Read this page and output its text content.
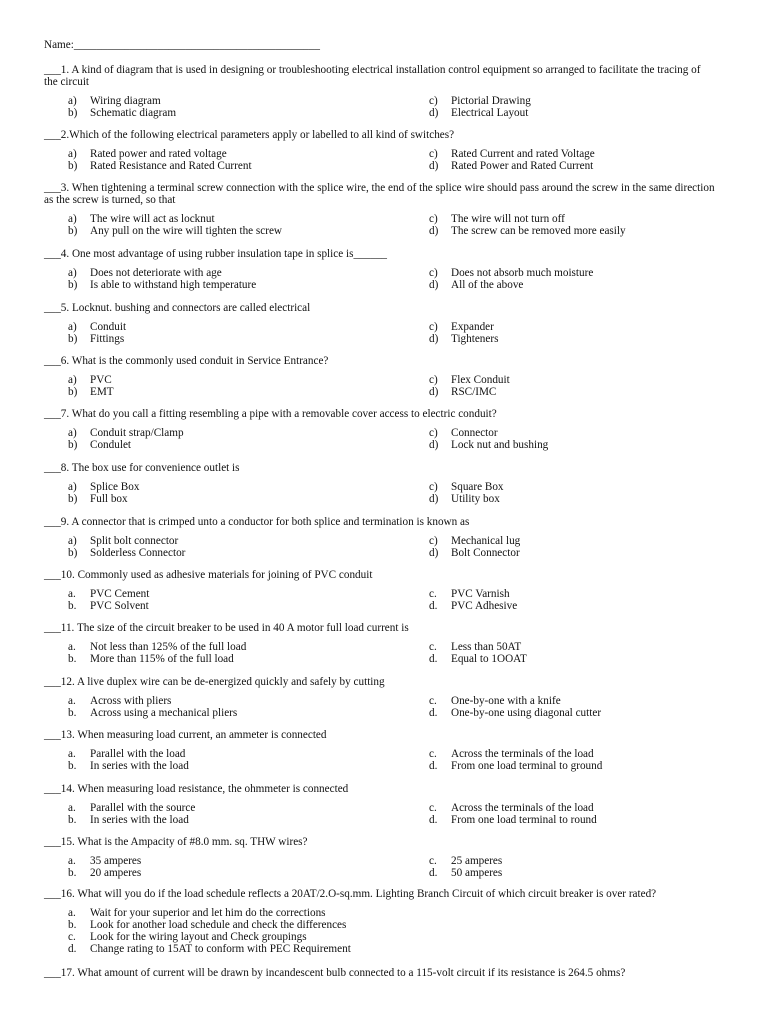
Name:____________________________________________
___1. A kind of diagram that is used in designing or troubleshooting electrical installation control equipment so arranged to facilitate the tracing of the circuit
a)	Wiring diagram	c)	Pictorial Drawing
b)	Schematic diagram	d)	Electrical Layout
___2.Which of the following electrical parameters apply or labelled to all kind of switches?
a)	Rated power and rated voltage	c)	Rated Current and rated Voltage
b)	Rated Resistance and Rated Current	d)	Rated Power and Rated Current
___3. When tightening a terminal screw connection with the splice wire, the end of the splice wire should pass around the screw in the same direction as the screw is turned, so that
a)	The wire will act as locknut	c)	The wire will not turn off
b)	Any pull on the wire will tighten the screw	d)	The screw can be removed more easily
___4. One most advantage of using rubber insulation tape in splice is______
a)	Does not deteriorate with age	c)	Does not absorb much moisture
b)	Is able to withstand high temperature	d)	All of the above
___5. Locknut. bushing and connectors are called electrical
a)	Conduit	c)	Expander
b)	Fittings	d)	Tighteners
___6. What is the commonly used conduit in Service Entrance?
a)	PVC	c)	Flex Conduit
b)	EMT	d)	RSC/IMC
___7. What do you call a fitting resembling a pipe with a removable cover access to electric conduit?
a)	Conduit strap/Clamp	c)	Connector
b)	Condulet	d)	Lock nut and bushing
___8. The box use for convenience outlet is
a)	Splice Box	c)	Square Box
b)	Full box	d)	Utility box
___9. A connector that is crimped unto a conductor for both splice and termination is known as
a)	Split bolt connector	c)	Mechanical lug
b)	Solderless Connector	d)	Bolt Connector
___10. Commonly used as adhesive materials for joining of PVC conduit
a.	PVC Cement	c.	PVC Varnish
b.	PVC Solvent	d.	PVC Adhesive
___11. The size of the circuit breaker to be used in 40 A motor full load current is
a.	Not less than 125% of the full load	c.	Less than 50AT
b.	More than 115% of the full load	d.	Equal to 1OOAT
___12. A live duplex wire can be de-energized quickly and safely by cutting
a.	Across with pliers	c.	One-by-one with a knife
b.	Across using a mechanical pliers	d.	One-by-one using diagonal cutter
___13. When measuring load current, an ammeter is connected
a.	Parallel with the load	c.	Across the terminals of the load
b.	In series with the load	d.	From one load terminal to ground
___14. When measuring load resistance, the ohmmeter is connected
a.	Parallel with the source	c.	Across the terminals of the load
b.	In series with the load	d.	From one load terminal to round
___15. What is the Ampacity of #8.0 mm. sq. THW wires?
a.	35 amperes	c.	25 amperes
b.	20 amperes	d.	50 amperes
___16. What will you do if the load schedule reflects a 20AT/2.O-sq.mm. Lighting Branch Circuit of which circuit breaker is over rated?
a.	Wait for your superior and let him do the corrections
b.	Look for another load schedule and check the differences
c.	Look for the wiring layout and Check groupings
d.	Change rating to 15AT to conform with PEC Requirement
___17. What amount of current will be drawn by incandescent bulb connected to a 115-volt circuit if its resistance is 264.5 ohms?
